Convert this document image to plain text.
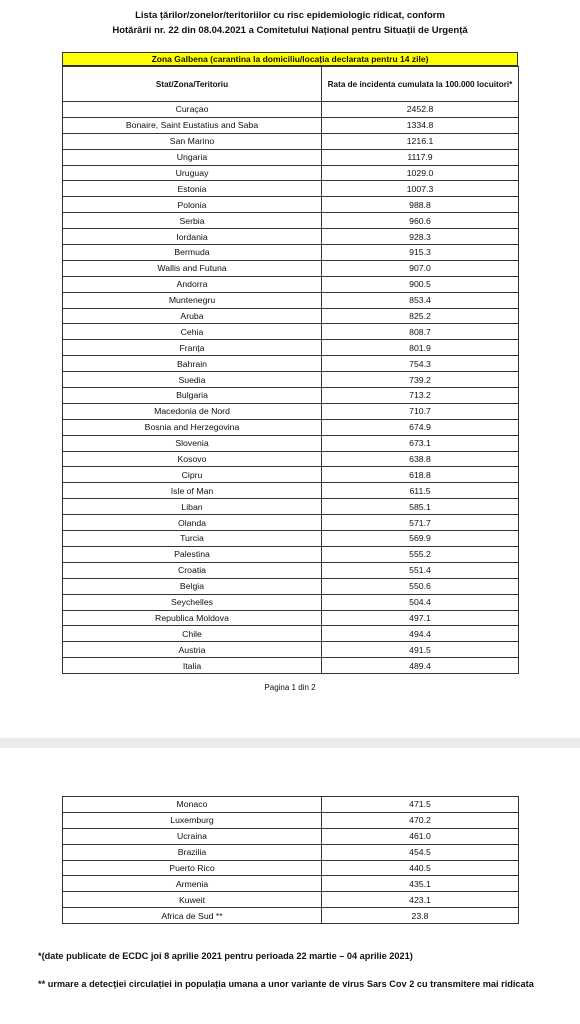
Lista țărilor/zonelor/teritoriilor cu risc epidemiologic ridicat, conform
Hotărârii nr. 22 din 08.04.2021 a Comitetului Național pentru Situații de Urgență
Zona Galbena (carantina la domiciliu/locația declarata pentru 14 zile)
Stat/Zona/Teritoriu	Rata de incidenta cumulata la 100.000 locuitori*
Curaçao	2452.8
Bonaire, Saint Eustatius and Saba	1334.8
San Marino	1216.1
Ungaria	1117.9
Uruguay	1029.0
Estonia	1007.3
Polonia	988.8
Serbia	960.6
Iordania	928.3
Bermuda	915.3
Wallis and Futuna	907.0
Andorra	900.5
Muntenegru	853.4
Aruba	825.2
Cehia	808.7
Franța	801.9
Bahrain	754.3
Suedia	739.2
Bulgaria	713.2
Macedonia de Nord	710.7
Bosnia and Herzegovina	674.9
Slovenia	673.1
Kosovo	638.8
Cipru	618.8
Isle of Man	611.5
Liban	585.1
Olanda	571.7
Turcia	569.9
Palestina	555.2
Croatia	551.4
Belgia	550.6
Seychelles	504.4
Republica Moldova	497.1
Chile	494.4
Austria	491.5
Italia	489.4
Pagina 1 din 2
Monaco	471.5
Luxemburg	470.2
Ucraina	461.0
Brazilia	454.5
Puerto Rico	440.5
Armenia	435.1
Kuweit	423.1
Africa de Sud **	23.8
*(date publicate de ECDC joi 8 aprilie 2021 pentru perioada 22 martie – 04 aprilie 2021)
** urmare a detecției circulației in populația umana a unor variante de virus Sars Cov 2 cu transmitere mai ridicata
